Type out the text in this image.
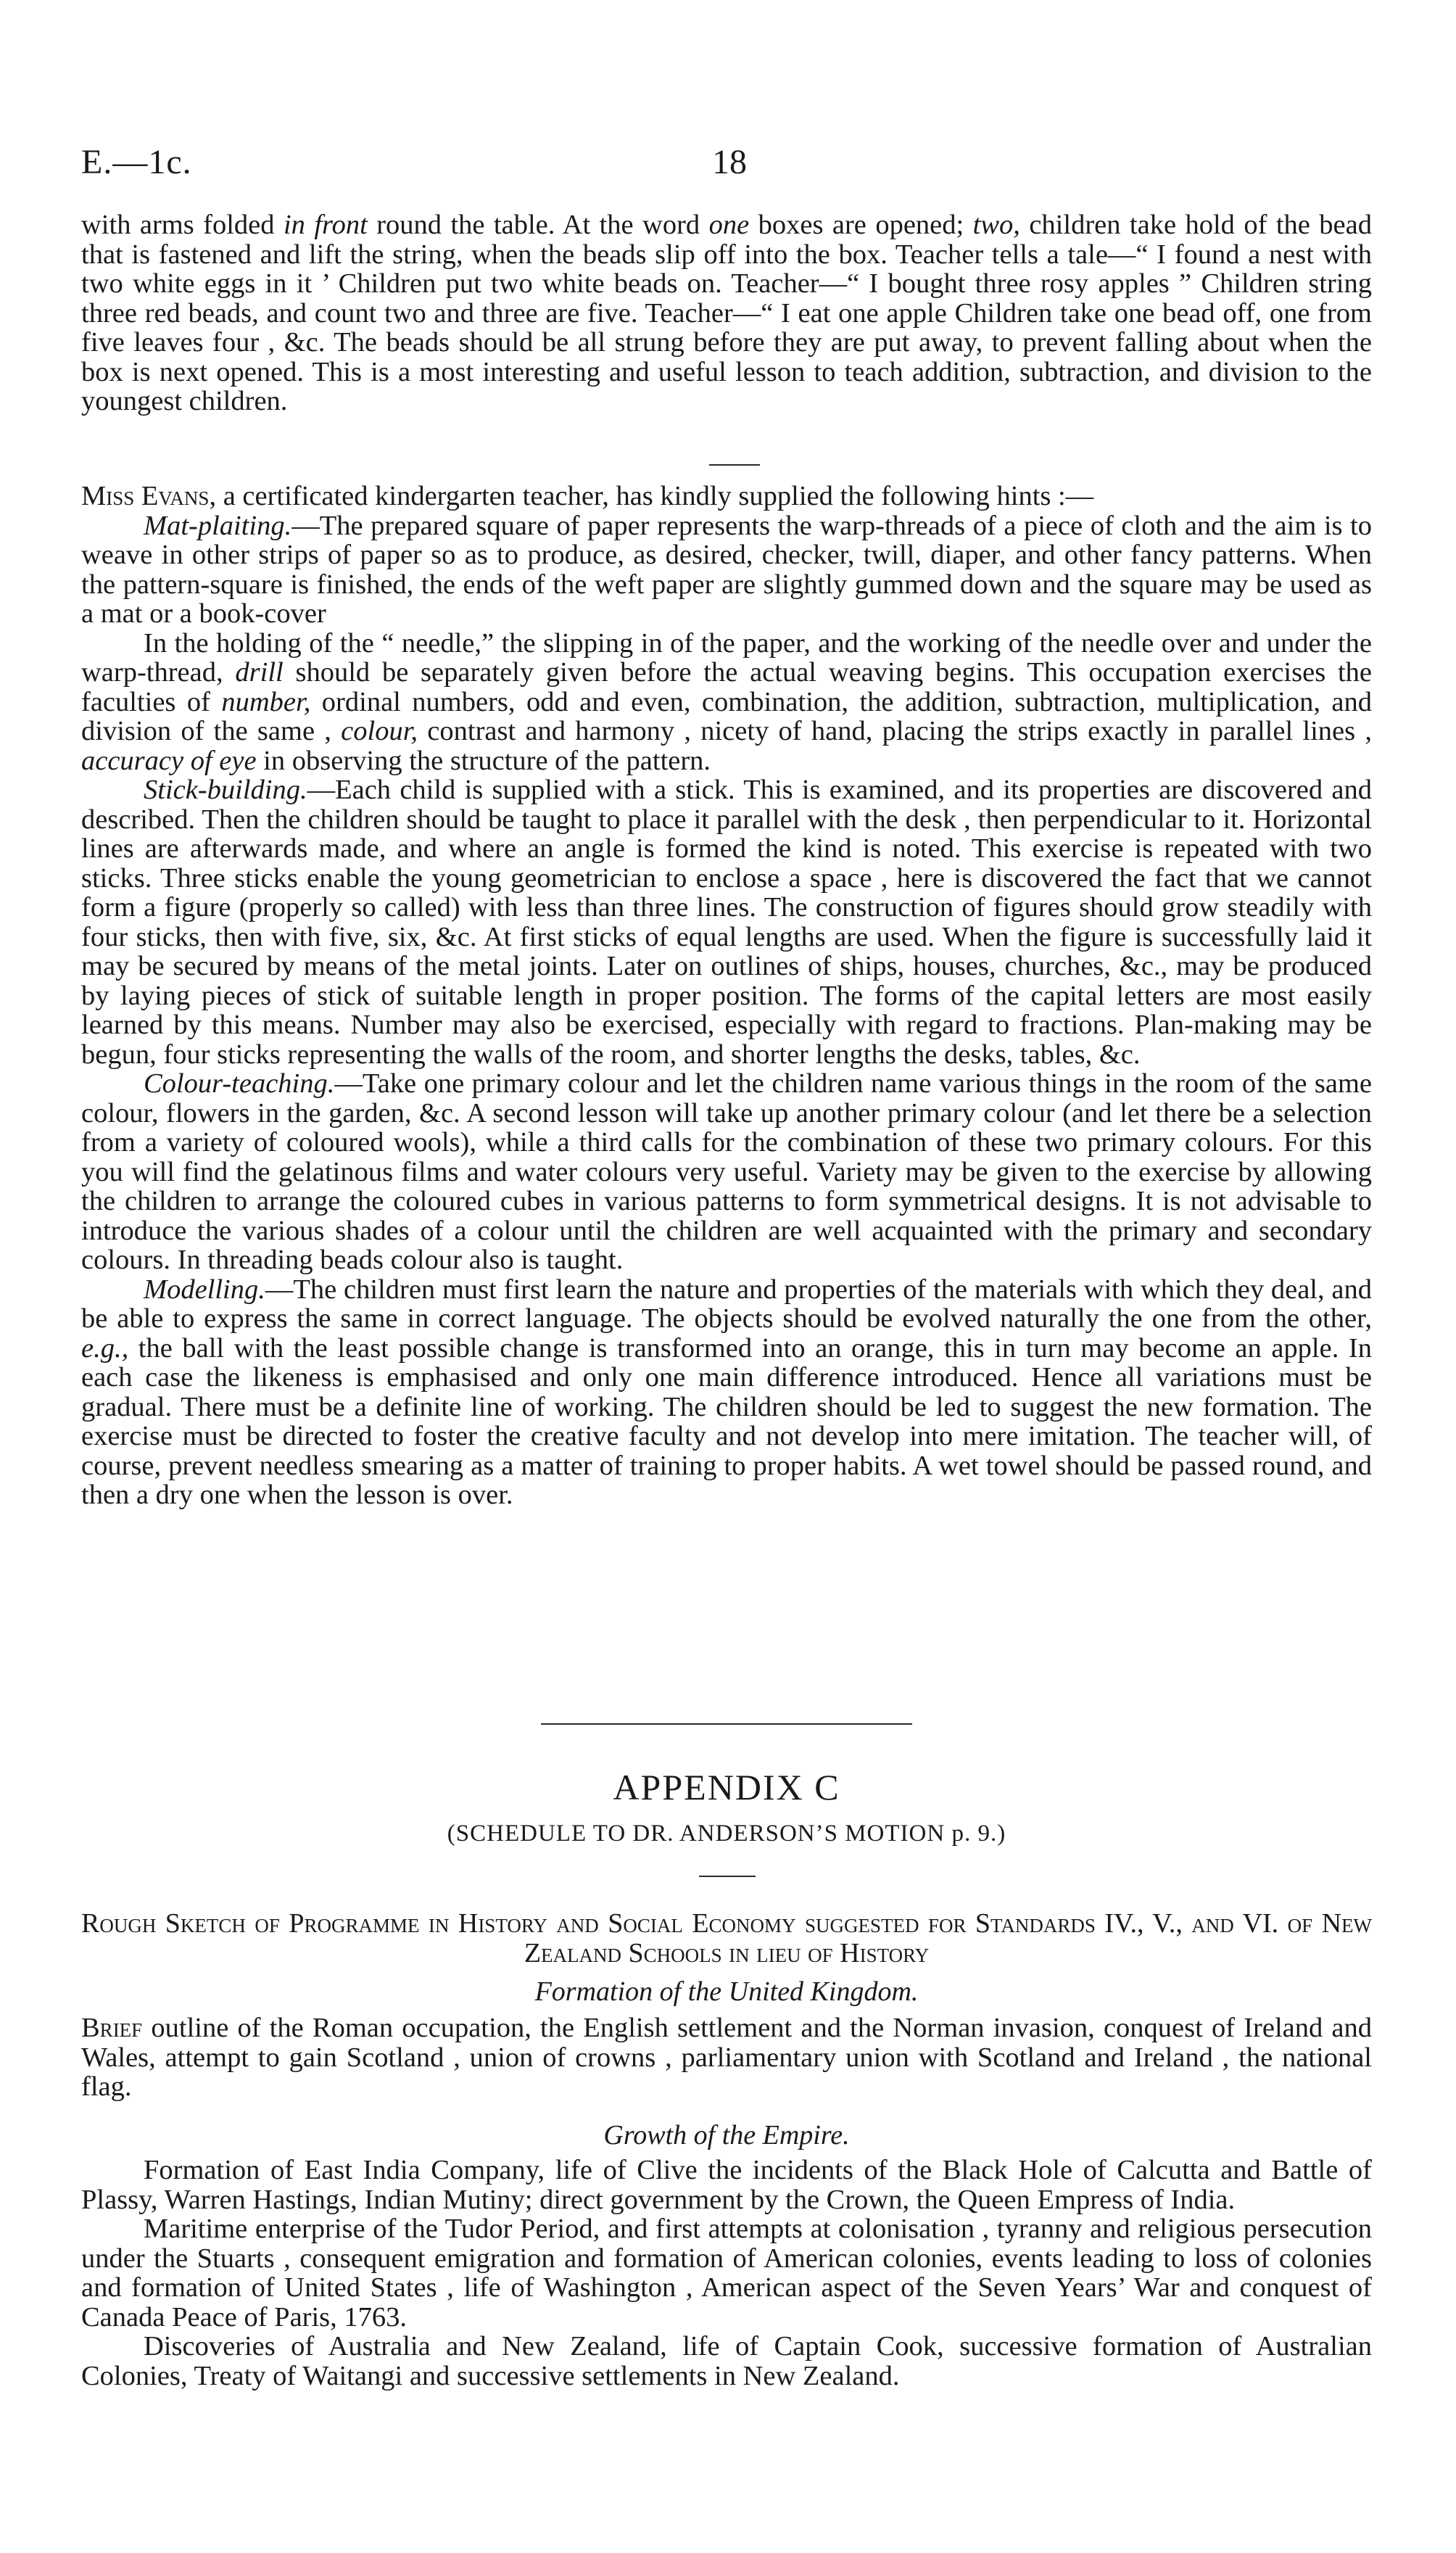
E.—1c.	18

with arms folded in front round the table. At the word one boxes are opened; two, children take hold of the bead that is fastened and lift the string, when the beads slip off into the box. Teacher tells a tale—“ I found a nest with two white eggs in it ’ Children put two white beads on. Teacher—“ I bought three rosy apples ” Children string three red beads, and count two and three are five. Teacher—“ I eat one apple Children take one bead off, one from five leaves four , &c. The beads should be all strung before they are put away, to prevent falling about when the box is next opened. This is a most interesting and useful lesson to teach addition, subtraction, and division to the youngest children.

Miss Evans, a certificated kindergarten teacher, has kindly supplied the following hints :—

Mat-plaiting.—The prepared square of paper represents the warp-threads of a piece of cloth and the aim is to weave in other strips of paper so as to produce, as desired, checker, twill, diaper, and other fancy patterns. When the pattern-square is finished, the ends of the weft paper are slightly gummed down and the square may be used as a mat or a book-cover

In the holding of the “ needle,” the slipping in of the paper, and the working of the needle over and under the warp-thread, drill should be separately given before the actual weaving begins. This occupation exercises the faculties of number, ordinal numbers, odd and even, combination, the addition, subtraction, multiplication, and division of the same , colour, contrast and harmony , nicety of hand, placing the strips exactly in parallel lines , accuracy of eye in observing the structure of the pattern.

Stick-building.—Each child is supplied with a stick. This is examined, and its properties are discovered and described. Then the children should be taught to place it parallel with the desk , then perpendicular to it. Horizontal lines are afterwards made, and where an angle is formed the kind is noted. This exercise is repeated with two sticks. Three sticks enable the young geometrician to enclose a space , here is discovered the fact that we cannot form a figure (properly so called) with less than three lines. The construction of figures should grow steadily with four sticks, then with five, six, &c. At first sticks of equal lengths are used. When the figure is successfully laid it may be secured by means of the metal joints. Later on outlines of ships, houses, churches, &c., may be produced by laying pieces of stick of suitable length in proper position. The forms of the capital letters are most easily learned by this means. Number may also be exercised, especially with regard to fractions. Plan-making may be begun, four sticks representing the walls of the room, and shorter lengths the desks, tables, &c.

Colour-teaching.—Take one primary colour and let the children name various things in the room of the same colour, flowers in the garden, &c. A second lesson will take up another primary colour (and let there be a selection from a variety of coloured wools), while a third calls for the combination of these two primary colours. For this you will find the gelatinous films and water colours very useful. Variety may be given to the exercise by allowing the children to arrange the coloured cubes in various patterns to form symmetrical designs. It is not advisable to introduce the various shades of a colour until the children are well acquainted with the primary and secondary colours. In threading beads colour also is taught.

Modelling.—The children must first learn the nature and properties of the materials with which they deal, and be able to express the same in correct language. The objects should be evolved naturally the one from the other, e.g., the ball with the least possible change is transformed into an orange, this in turn may become an apple. In each case the likeness is emphasised and only one main difference introduced. Hence all variations must be gradual. There must be a definite line of working. The children should be led to suggest the new formation. The exercise must be directed to foster the creative faculty and not develop into mere imitation. The teacher will, of course, prevent needless smearing as a matter of training to proper habits. A wet towel should be passed round, and then a dry one when the lesson is over.

APPENDIX C
(SCHEDULE TO DR. ANDERSON’S MOTION p. 9.)
Rough Sketch of Programme in History and Social Economy suggested for Standards IV., V., and VI. of New Zealand Schools in lieu of History
Formation of the United Kingdom.

Brief outline of the Roman occupation, the English settlement and the Norman invasion, conquest of Ireland and Wales, attempt to gain Scotland , union of crowns , parliamentary union with Scotland and Ireland , the national flag.

Growth of the Empire.

Formation of East India Company, life of Clive the incidents of the Black Hole of Calcutta and Battle of Plassy, Warren Hastings, Indian Mutiny; direct government by the Crown, the Queen Empress of India.

Maritime enterprise of the Tudor Period, and first attempts at colonisation , tyranny and religious persecution under the Stuarts , consequent emigration and formation of American colonies, events leading to loss of colonies and formation of United States , life of Washington , American aspect of the Seven Years’ War and conquest of Canada Peace of Paris, 1763.

Discoveries of Australia and New Zealand, life of Captain Cook, successive formation of Australian Colonies, Treaty of Waitangi and successive settlements in New Zealand.
